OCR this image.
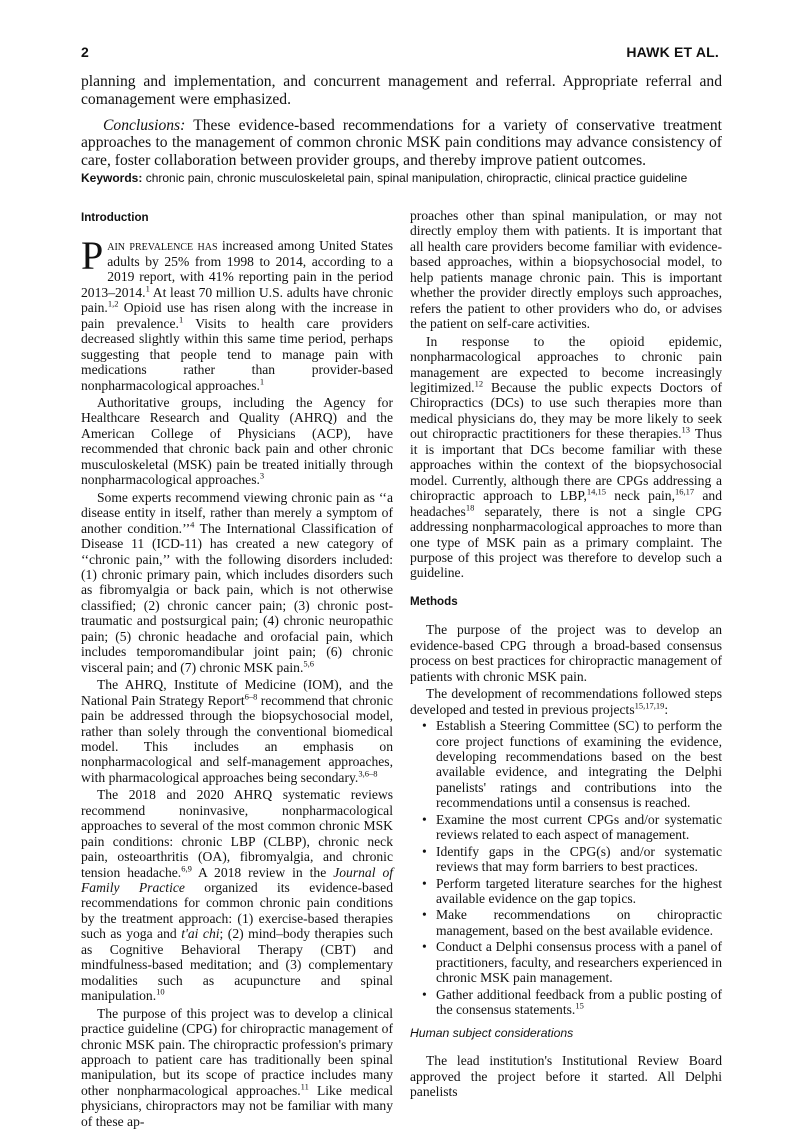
2	HAWK ET AL.

planning and implementation, and concurrent management and referral. Appropriate referral and comanagement were emphasized.

Conclusions: These evidence-based recommendations for a variety of conservative treatment approaches to the management of common chronic MSK pain conditions may advance consistency of care, foster collaboration between provider groups, and thereby improve patient outcomes.

Keywords: chronic pain, chronic musculoskeletal pain, spinal manipulation, chiropractic, clinical practice guideline
Introduction

Pain prevalence has increased among United States adults by 25% from 1998 to 2014, according to a 2019 report, with 41% reporting pain in the period 2013–2014.$^1$ At least 70 million U.S. adults have chronic pain.$^{1,2}$ Opioid use has risen along with the increase in pain prevalence.$^1$ Visits to health care providers decreased slightly within this same time period, perhaps suggesting that people tend to manage pain with medications rather than provider-based nonpharmacological approaches.$^1$

Authoritative groups, including the Agency for Healthcare Research and Quality (AHRQ) and the American College of Physicians (ACP), have recommended that chronic back pain and other chronic musculoskeletal (MSK) pain be treated initially through nonpharmacological approaches.$^3$

Some experts recommend viewing chronic pain as ‘‘a disease entity in itself, rather than merely a symptom of another condition.’’$^4$ The International Classification of Disease 11 (ICD-11) has created a new category of ‘‘chronic pain,’’ with the following disorders included: (1) chronic primary pain, which includes disorders such as fibromyalgia or back pain, which is not otherwise classified; (2) chronic cancer pain; (3) chronic post-traumatic and postsurgical pain; (4) chronic neuropathic pain; (5) chronic headache and orofacial pain, which includes temporomandibular joint pain; (6) chronic visceral pain; and (7) chronic MSK pain.$^{5,6}$

The AHRQ, Institute of Medicine (IOM), and the National Pain Strategy Report$^{6-8}$ recommend that chronic pain be addressed through the biopsychosocial model, rather than solely through the conventional biomedical model. This includes an emphasis on nonpharmacological and self-management approaches, with pharmacological approaches being secondary.$^{3,6-8}$

The 2018 and 2020 AHRQ systematic reviews recommend noninvasive, nonpharmacological approaches to several of the most common chronic MSK pain conditions: chronic LBP (CLBP), chronic neck pain, osteoarthritis (OA), fibromyalgia, and chronic tension headache.$^{6,9}$ A 2018 review in the Journal of Family Practice organized its evidence-based recommendations for common chronic pain conditions by the treatment approach: (1) exercise-based therapies such as yoga and t'ai chi; (2) mind–body therapies such as Cognitive Behavioral Therapy (CBT) and mindfulness-based meditation; and (3) complementary modalities such as acupuncture and spinal manipulation.$^{10}$

The purpose of this project was to develop a clinical practice guideline (CPG) for chiropractic management of chronic MSK pain. The chiropractic profession's primary approach to patient care has traditionally been spinal manipulation, but its scope of practice includes many other nonpharmacological approaches.$^{11}$ Like medical physicians, chiropractors may not be familiar with many of these ap-

proaches other than spinal manipulation, or may not directly employ them with patients. It is important that all health care providers become familiar with evidence-based approaches, within a biopsychosocial model, to help patients manage chronic pain. This is important whether the provider directly employs such approaches, refers the patient to other providers who do, or advises the patient on self-care activities.

In response to the opioid epidemic, nonpharmacological approaches to chronic pain management are expected to become increasingly legitimized.$^{12}$ Because the public expects Doctors of Chiropractics (DCs) to use such therapies more than medical physicians do, they may be more likely to seek out chiropractic practitioners for these therapies.$^{13}$ Thus it is important that DCs become familiar with these approaches within the context of the biopsychosocial model. Currently, although there are CPGs addressing a chiropractic approach to LBP,$^{14,15}$ neck pain,$^{16,17}$ and headaches$^{18}$ separately, there is not a single CPG addressing nonpharmacological approaches to more than one type of MSK pain as a primary complaint. The purpose of this project was therefore to develop such a guideline.

Methods

The purpose of the project was to develop an evidence-based CPG through a broad-based consensus process on best practices for chiropractic management of patients with chronic MSK pain.

The development of recommendations followed steps developed and tested in previous projects$^{15,17,19}$:

• Establish a Steering Committee (SC) to perform the core project functions of examining the evidence, developing recommendations based on the best available evidence, and integrating the Delphi panelists' ratings and contributions into the recommendations until a consensus is reached.
• Examine the most current CPGs and/or systematic reviews related to each aspect of management.
• Identify gaps in the CPG(s) and/or systematic reviews that may form barriers to best practices.
• Perform targeted literature searches for the highest available evidence on the gap topics.
• Make recommendations on chiropractic management, based on the best available evidence.
• Conduct a Delphi consensus process with a panel of practitioners, faculty, and researchers experienced in chronic MSK pain management.
• Gather additional feedback from a public posting of the consensus statements.$^{15}$
Human subject considerations

The lead institution's Institutional Review Board approved the project before it started. All Delphi panelists
